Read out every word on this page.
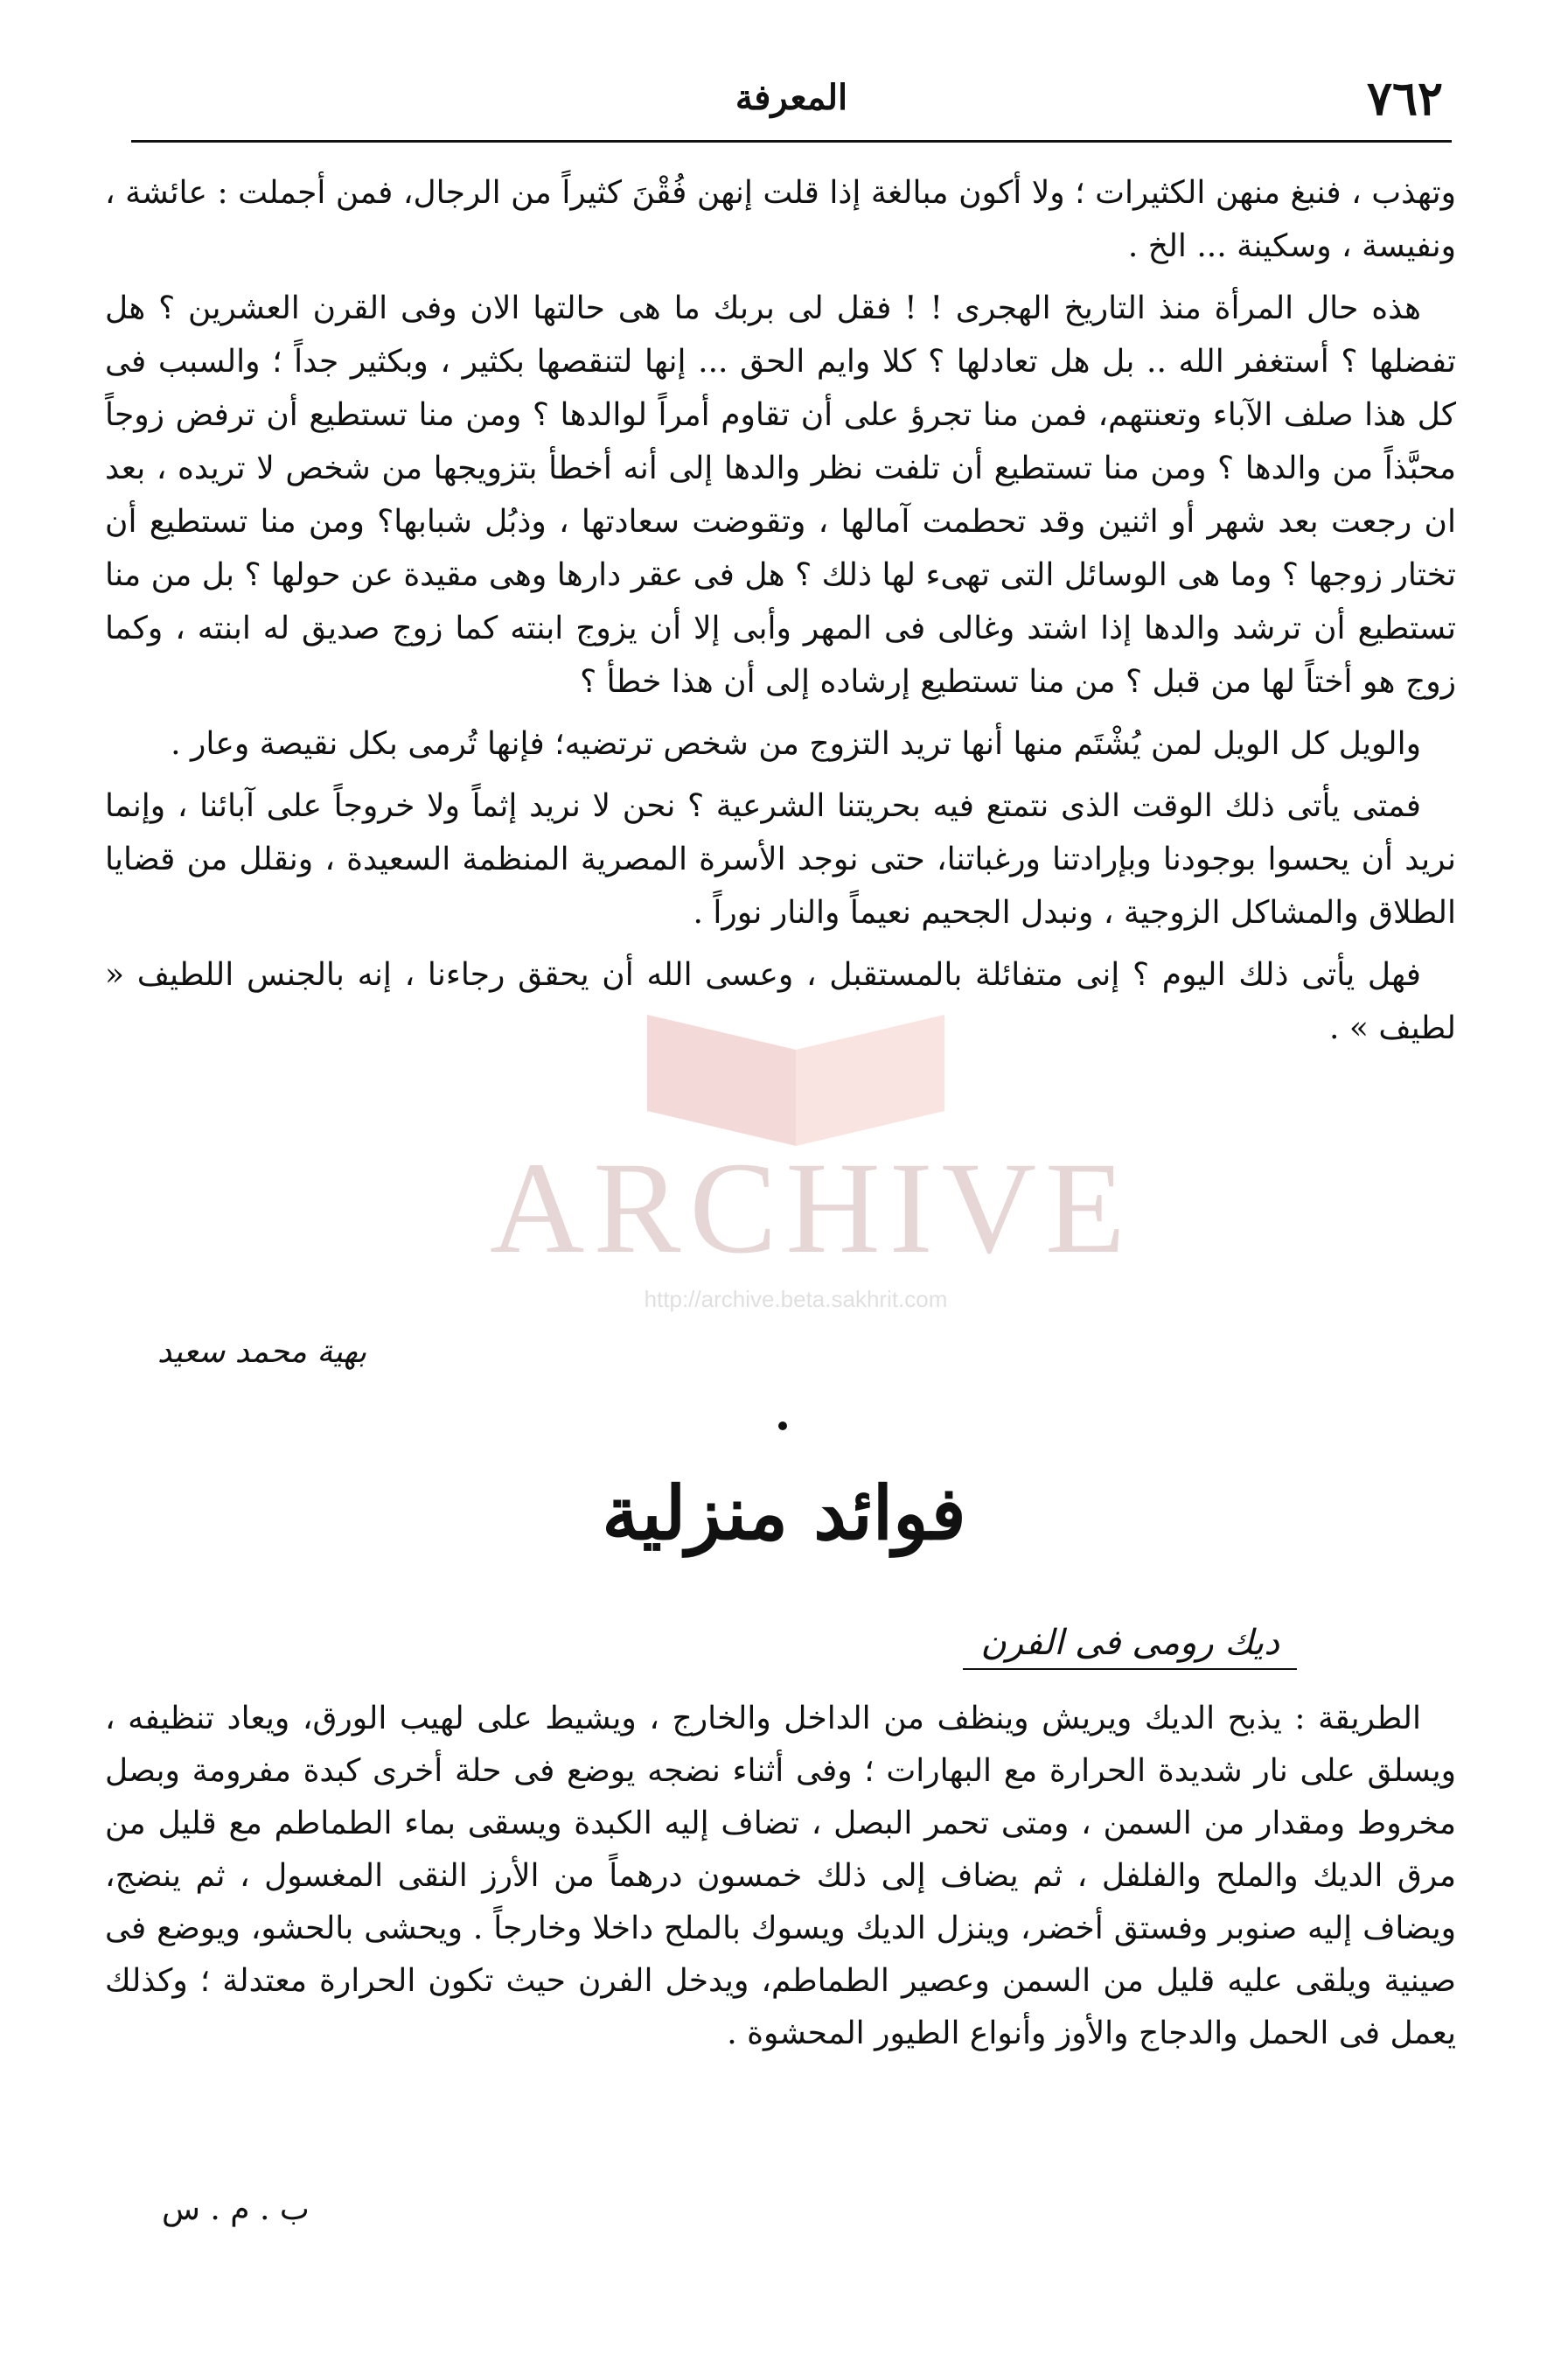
٧٦٢
المعرفة

وتهذب ، فنبغ منهن الكثيرات ؛ ولا أكون مبالغة إذا قلت إنهن فُقْنَ كثيراً من الرجال، فمن أجملت : عائشة ، ونفيسة ، وسكينة ... الخ .

هذه حال المرأة منذ التاريخ الهجرى ! ! فقل لى بربك ما هى حالتها الان وفى القرن العشرين ؟ هل تفضلها ؟ أستغفر الله .. بل هل تعادلها ؟ كلا وايم الحق ... إنها لتنقصها بكثير ، وبكثير جداً ؛ والسبب فى كل هذا صلف الآباء وتعنتهم، فمن منا تجرؤ على أن تقاوم أمراً لوالدها ؟ ومن منا تستطيع أن ترفض زوجاً محبَّذاً من والدها ؟ ومن منا تستطيع أن تلفت نظر والدها إلى أنه أخطأ بتزويجها من شخص لا تريده ، بعد ان رجعت بعد شهر أو اثنين وقد تحطمت آمالها ، وتقوضت سعادتها ، وذبُل شبابها؟ ومن منا تستطيع أن تختار زوجها ؟ وما هى الوسائل التى تهىء لها ذلك ؟ هل فى عقر دارها وهى مقيدة عن حولها ؟ بل من منا تستطيع أن ترشد والدها إذا اشتد وغالى فى المهر وأبى إلا أن يزوج ابنته كما زوج صديق له ابنته ، وكما زوج هو أختاً لها من قبل ؟ من منا تستطيع إرشاده إلى أن هذا خطأ ؟

والويل كل الويل لمن يُشْتَم منها أنها تريد التزوج من شخص ترتضيه؛ فإنها تُرمى بكل نقيصة وعار .

فمتى يأتى ذلك الوقت الذى نتمتع فيه بحريتنا الشرعية ؟ نحن لا نريد إثماً ولا خروجاً على آبائنا ، وإنما نريد أن يحسوا بوجودنا وبإرادتنا ورغباتنا، حتى نوجد الأسرة المصرية المنظمة السعيدة ، ونقلل من قضايا الطلاق والمشاكل الزوجية ، ونبدل الجحيم نعيماً والنار نوراً .

فهل يأتى ذلك اليوم ؟ إنى متفائلة بالمستقبل ، وعسى الله أن يحقق رجاءنا ، إنه بالجنس اللطيف « لطيف » .

بهية محمد سعيد
فوائد منزلية
ديك رومى فى الفرن

الطريقة : يذبح الديك ويريش وينظف من الداخل والخارج ، ويشيط على لهيب الورق، ويعاد تنظيفه ، ويسلق على نار شديدة الحرارة مع البهارات ؛ وفى أثناء نضجه يوضع فى حلة أخرى كبدة مفرومة وبصل مخروط ومقدار من السمن ، ومتى تحمر البصل ، تضاف إليه الكبدة ويسقى بماء الطماطم مع قليل من مرق الديك والملح والفلفل ، ثم يضاف إلى ذلك خمسون درهماً من الأرز النقى المغسول ، ثم ينضج، ويضاف إليه صنوبر وفستق أخضر، وينزل الديك ويسوك بالملح داخلا وخارجاً . ويحشى بالحشو، ويوضع فى صينية ويلقى عليه قليل من السمن وعصير الطماطم، ويدخل الفرن حيث تكون الحرارة معتدلة ؛ وكذلك يعمل فى الحمل والدجاج والأوز وأنواع الطيور المحشوة .

ب . م . س
ARCHIVE
http://archive.beta.sakhrit.com
